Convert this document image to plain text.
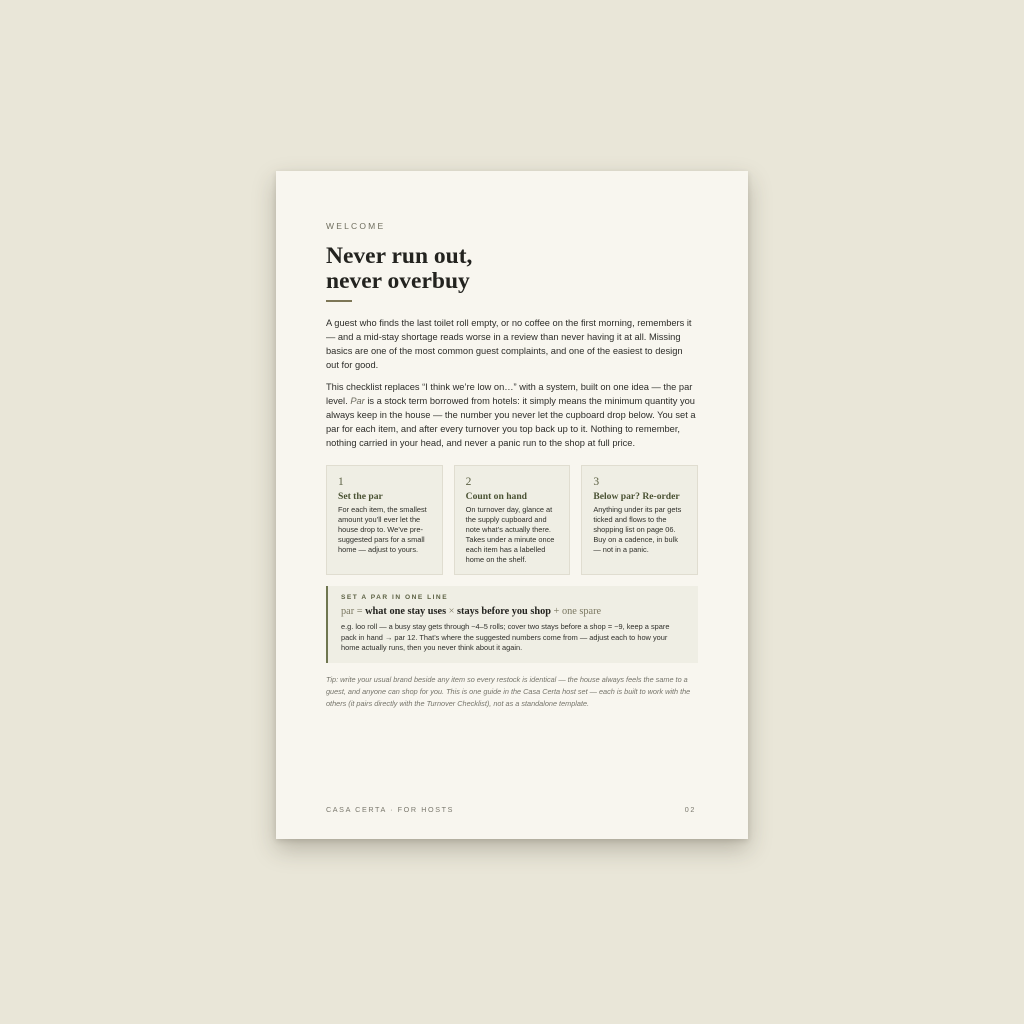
WELCOME
Never run out,
never overbuy

A guest who finds the last toilet roll empty, or no coffee on the first morning, remembers it — and a mid-stay shortage reads worse in a review than never having it at all. Missing basics are one of the most common guest complaints, and one of the easiest to design out for good.

This checklist replaces “I think we’re low on…” with a system, built on one idea — the par level. Par is a stock term borrowed from hotels: it simply means the minimum quantity you always keep in the house — the number you never let the cupboard drop below. You set a par for each item, and after every turnover you top back up to it. Nothing to remember, nothing carried in your head, and never a panic run to the shop at full price.

1
Set the par
For each item, the smallest amount you’ll ever let the house drop to. We’ve pre-suggested pars for a small home — adjust to yours.
2
Count on hand
On turnover day, glance at the supply cupboard and note what’s actually there. Takes under a minute once each item has a labelled home on the shelf.
3
Below par? Re-order
Anything under its par gets ticked and flows to the shopping list on page 06. Buy on a cadence, in bulk — not in a panic.
SET A PAR IN ONE LINE
par = what one stay uses × stays before you shop + one spare
e.g. loo roll — a busy stay gets through ~4–5 rolls; cover two stays before a shop = ~9, keep a spare pack in hand → par 12. That’s where the suggested numbers come from — adjust each to how your home actually runs, then you never think about it again.

Tip: write your usual brand beside any item so every restock is identical — the house always feels the same to a guest, and anyone can shop for you. This is one guide in the Casa Certa host set — each is built to work with the others (it pairs directly with the Turnover Checklist), not as a standalone template.

CASA CERTA · FOR HOSTS	02
